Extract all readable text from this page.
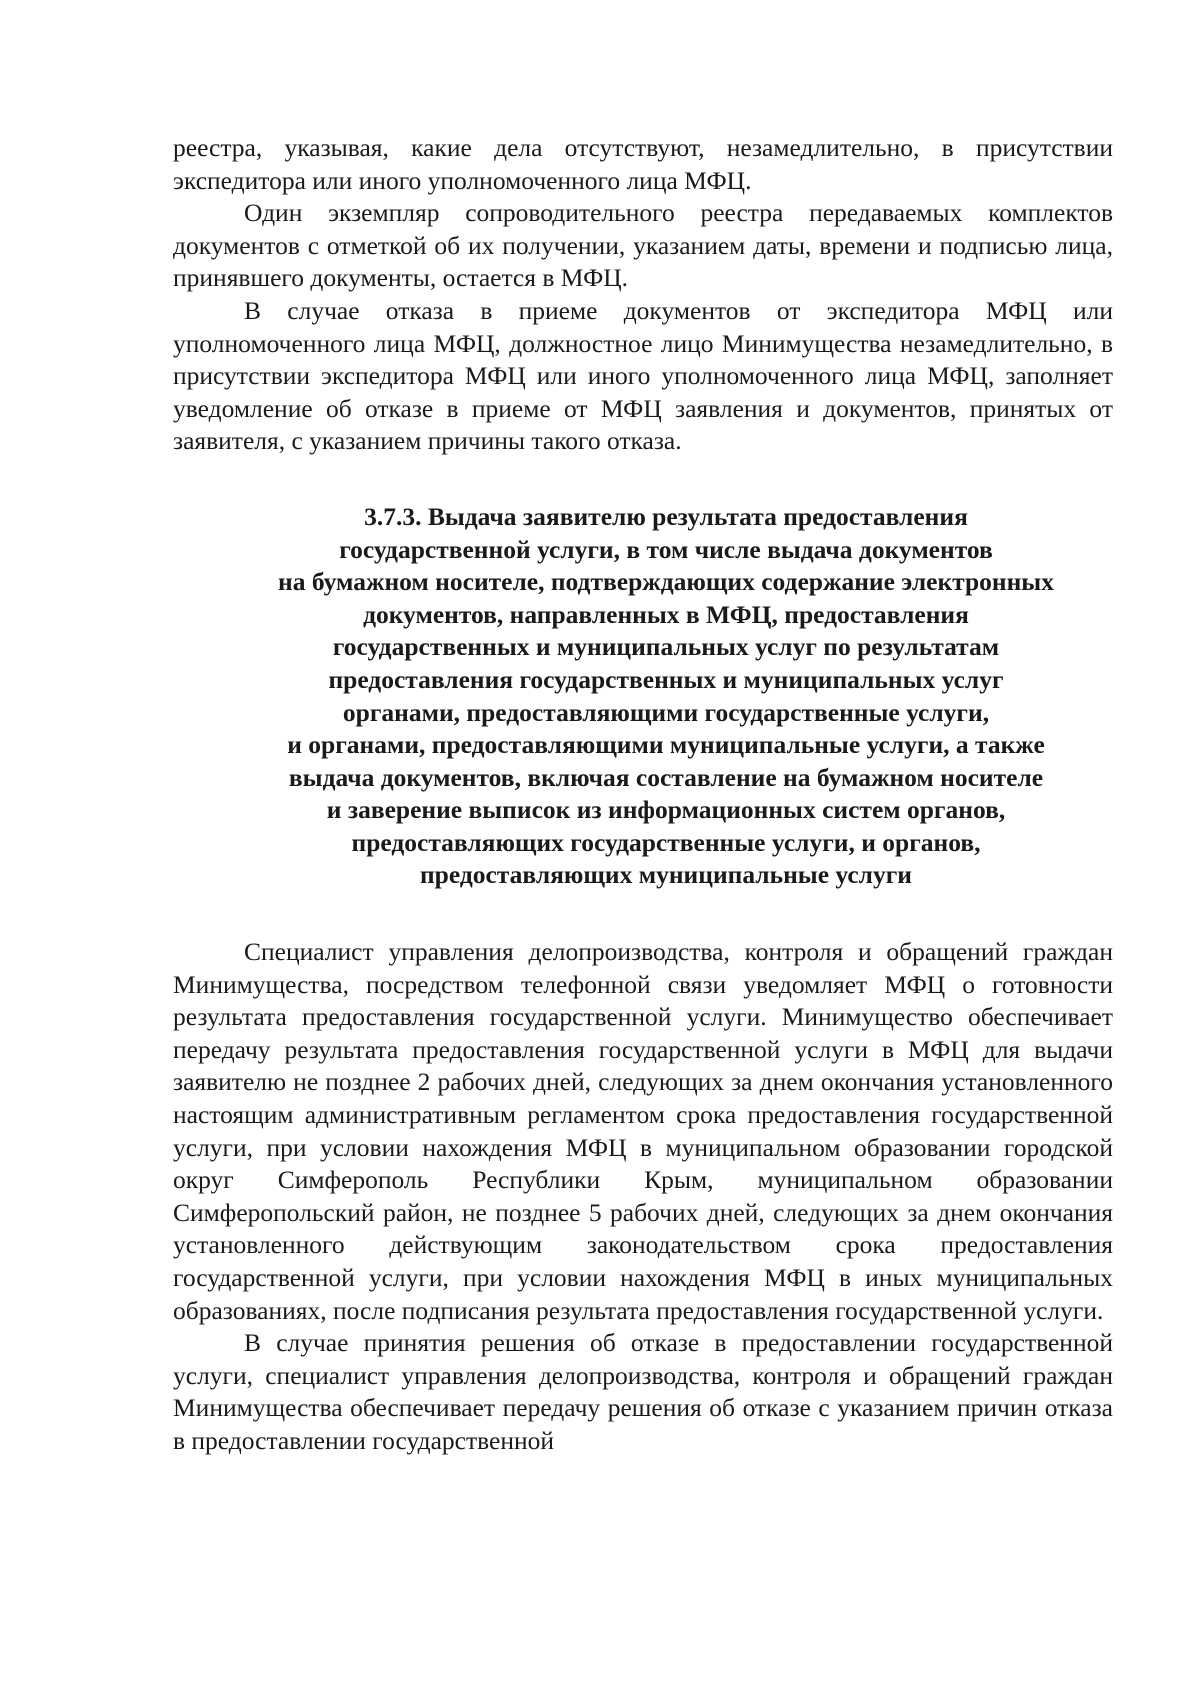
реестра, указывая, какие дела отсутствуют, незамедлительно, в присутствии экспедитора или иного уполномоченного лица МФЦ.

Один экземпляр сопроводительного реестра передаваемых комплектов документов с отметкой об их получении, указанием даты, времени и подписью лица, принявшего документы, остается в МФЦ.

В случае отказа в приеме документов от экспедитора МФЦ или уполномоченного лица МФЦ, должностное лицо Минимущества незамедлительно, в присутствии экспедитора МФЦ или иного уполномоченного лица МФЦ, заполняет уведомление об отказе в приеме от МФЦ заявления и документов, принятых от заявителя, с указанием причины такого отказа.

3.7.3. Выдача заявителю результата предоставления
государственной услуги, в том числе выдача документов
на бумажном носителе, подтверждающих содержание электронных
документов, направленных в МФЦ, предоставления
государственных и муниципальных услуг по результатам
предоставления государственных и муниципальных услуг
органами, предоставляющими государственные услуги,
и органами, предоставляющими муниципальные услуги, а также
выдача документов, включая составление на бумажном носителе
и заверение выписок из информационных систем органов,
предоставляющих государственные услуги, и органов,
предоставляющих муниципальные услуги

Специалист управления делопроизводства, контроля и обращений граждан Минимущества, посредством телефонной связи уведомляет МФЦ о готовности результата предоставления государственной услуги. Минимущество обеспечивает передачу результата предоставления государственной услуги в МФЦ для выдачи заявителю не позднее 2 рабочих дней, следующих за днем окончания установленного настоящим административным регламентом срока предоставления государственной услуги, при условии нахождения МФЦ в муниципальном образовании городской округ Симферополь Республики Крым, муниципальном образовании Симферопольский район, не позднее 5 рабочих дней, следующих за днем окончания установленного действующим законодательством срока предоставления государственной услуги, при условии нахождения МФЦ в иных муниципальных образованиях, после подписания результата предоставления государственной услуги.

В случае принятия решения об отказе в предоставлении государственной услуги, специалист управления делопроизводства, контроля и обращений граждан Минимущества обеспечивает передачу решения об отказе с указанием причин отказа в предоставлении государственной
